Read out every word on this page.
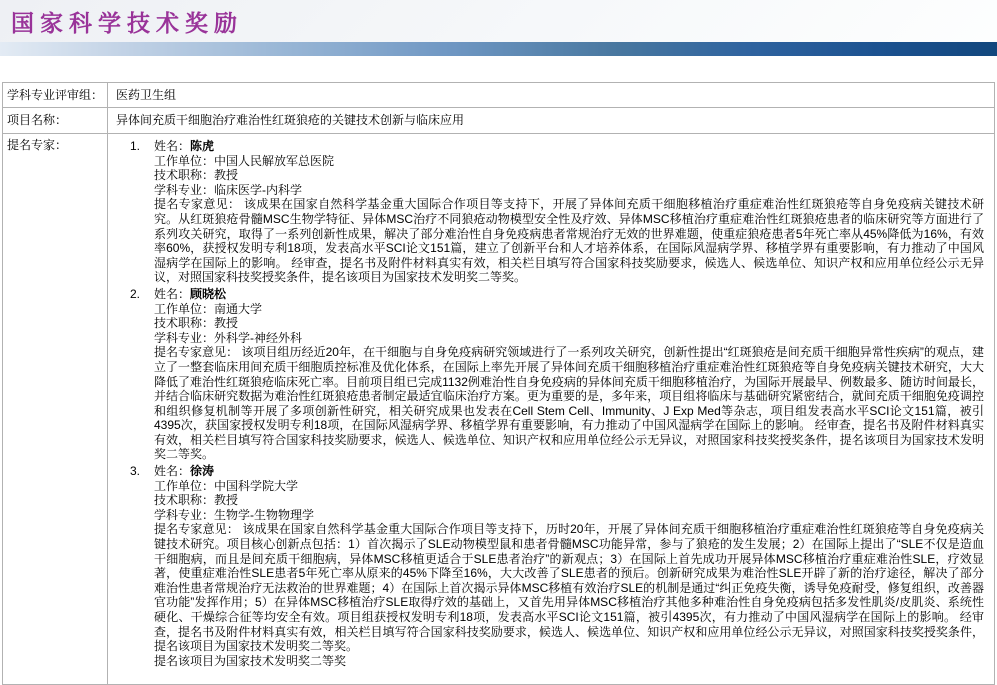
国家科学技术奖励
学科专业评审组：	医药卫生组
项目名称：	异体间充质干细胞治疗难治性红斑狼疮的关键技术创新与临床应用
提名专家：	1.	姓名：陈虎
工作单位：中国人民解放军总医院
技术职称：教授
学科专业：临床医学-内科学
提名专家意见： 该成果在国家自然科学基金重大国际合作项目等支持下，开展了异体间充质干细胞移植治疗重症难治性红斑狼疮等自身免疫病关键技术研究。从红斑狼疮骨髓MSC生物学特征、异体MSC治疗不同狼疮动物模型安全性及疗效、异体MSC移植治疗重症难治性红斑狼疮患者的临床研究等方面进行了系列攻关研究，取得了一系列创新性成果，解决了部分难治性自身免疫病患者常规治疗无效的世界难题，使重症狼疮患者5年死亡率从45%降低为16%，有效率60%，获授权发明专利18项，发表高水平SCI论文151篇，建立了创新平台和人才培养体系，在国际风湿病学界、移植学界有重要影响，有力推动了中国风湿病学在国际上的影响。 经审查，提名书及附件材料真实有效，相关栏目填写符合国家科技奖励要求，候选人、候选单位、知识产权和应用单位经公示无异议，对照国家科技奖授奖条件，提名该项目为国家技术发明奖二等奖。
2.	姓名：顾晓松
工作单位：南通大学
技术职称：教授
学科专业：外科学-神经外科
提名专家意见： 该项目组历经近20年，在干细胞与自身免疫病研究领域进行了一系列攻关研究，创新性提出“红斑狼疮是间充质干细胞异常性疾病”的观点，建立了一整套临床用间充质干细胞质控标准及优化体系，在国际上率先开展了异体间充质干细胞移植治疗重症难治性红斑狼疮等自身免疫病关键技术研究，大大降低了难治性红斑狼疮临床死亡率。目前项目组已完成1132例难治性自身免疫病的异体间充质干细胞移植治疗，为国际开展最早、例数最多、随访时间最长，并结合临床研究数据为难治性红斑狼疮患者制定最适宜临床治疗方案。更为重要的是，多年来，项目组将临床与基础研究紧密结合，就间充质干细胞免疫调控和组织修复机制等开展了多项创新性研究，相关研究成果也发表在Cell Stem Cell、Immunity、J Exp Med等杂志，项目组发表高水平SCI论文151篇，被引4395次，获国家授权发明专利18项，在国际风湿病学界、移植学界有重要影响，有力推动了中国风湿病学在国际上的影响。 经审查，提名书及附件材料真实有效，相关栏目填写符合国家科技奖励要求，候选人、候选单位、知识产权和应用单位经公示无异议，对照国家科技奖授奖条件，提名该项目为国家技术发明奖二等奖。
3.	姓名：徐涛
工作单位：中国科学院大学
技术职称：教授
学科专业：生物学-生物物理学
提名专家意见： 该成果在国家自然科学基金重大国际合作项目等支持下，历时20年，开展了异体间充质干细胞移植治疗重症难治性红斑狼疮等自身免疫病关键技术研究。项目核心创新点包括：1）首次揭示了SLE动物模型鼠和患者骨髓MSC功能异常，参与了狼疮的发生发展；2）在国际上提出了“SLE不仅是造血干细胞病，而且是间充质干细胞病，异体MSC移植更适合于SLE患者治疗”的新观点；3）在国际上首先成功开展异体MSC移植治疗重症难治性SLE，疗效显著，使重症难治性SLE患者5年死亡率从原来的45%下降至16%，大大改善了SLE患者的预后。创新研究成果为难治性SLE开辟了新的治疗途径，解决了部分难治性患者常规治疗无法救治的世界难题；4）在国际上首次揭示异体MSC移植有效治疗SLE的机制是通过“纠正免疫失衡，诱导免疫耐受，修复组织，改善器官功能”发挥作用；5）在异体MSC移植治疗SLE取得疗效的基础上，又首先用异体MSC移植治疗其他多种难治性自身免疫病包括多发性肌炎/皮肌炎、系统性硬化、干燥综合征等均安全有效。项目组获授权发明专利18项，发表高水平SCI论文151篇，被引4395次，有力推动了中国风湿病学在国际上的影响。 经审查，提名书及附件材料真实有效，相关栏目填写符合国家科技奖励要求，候选人、候选单位、知识产权和应用单位经公示无异议，对照国家科技奖授奖条件，提名该项目为国家技术发明奖二等奖。
提名该项目为国家技术发明奖二等奖
